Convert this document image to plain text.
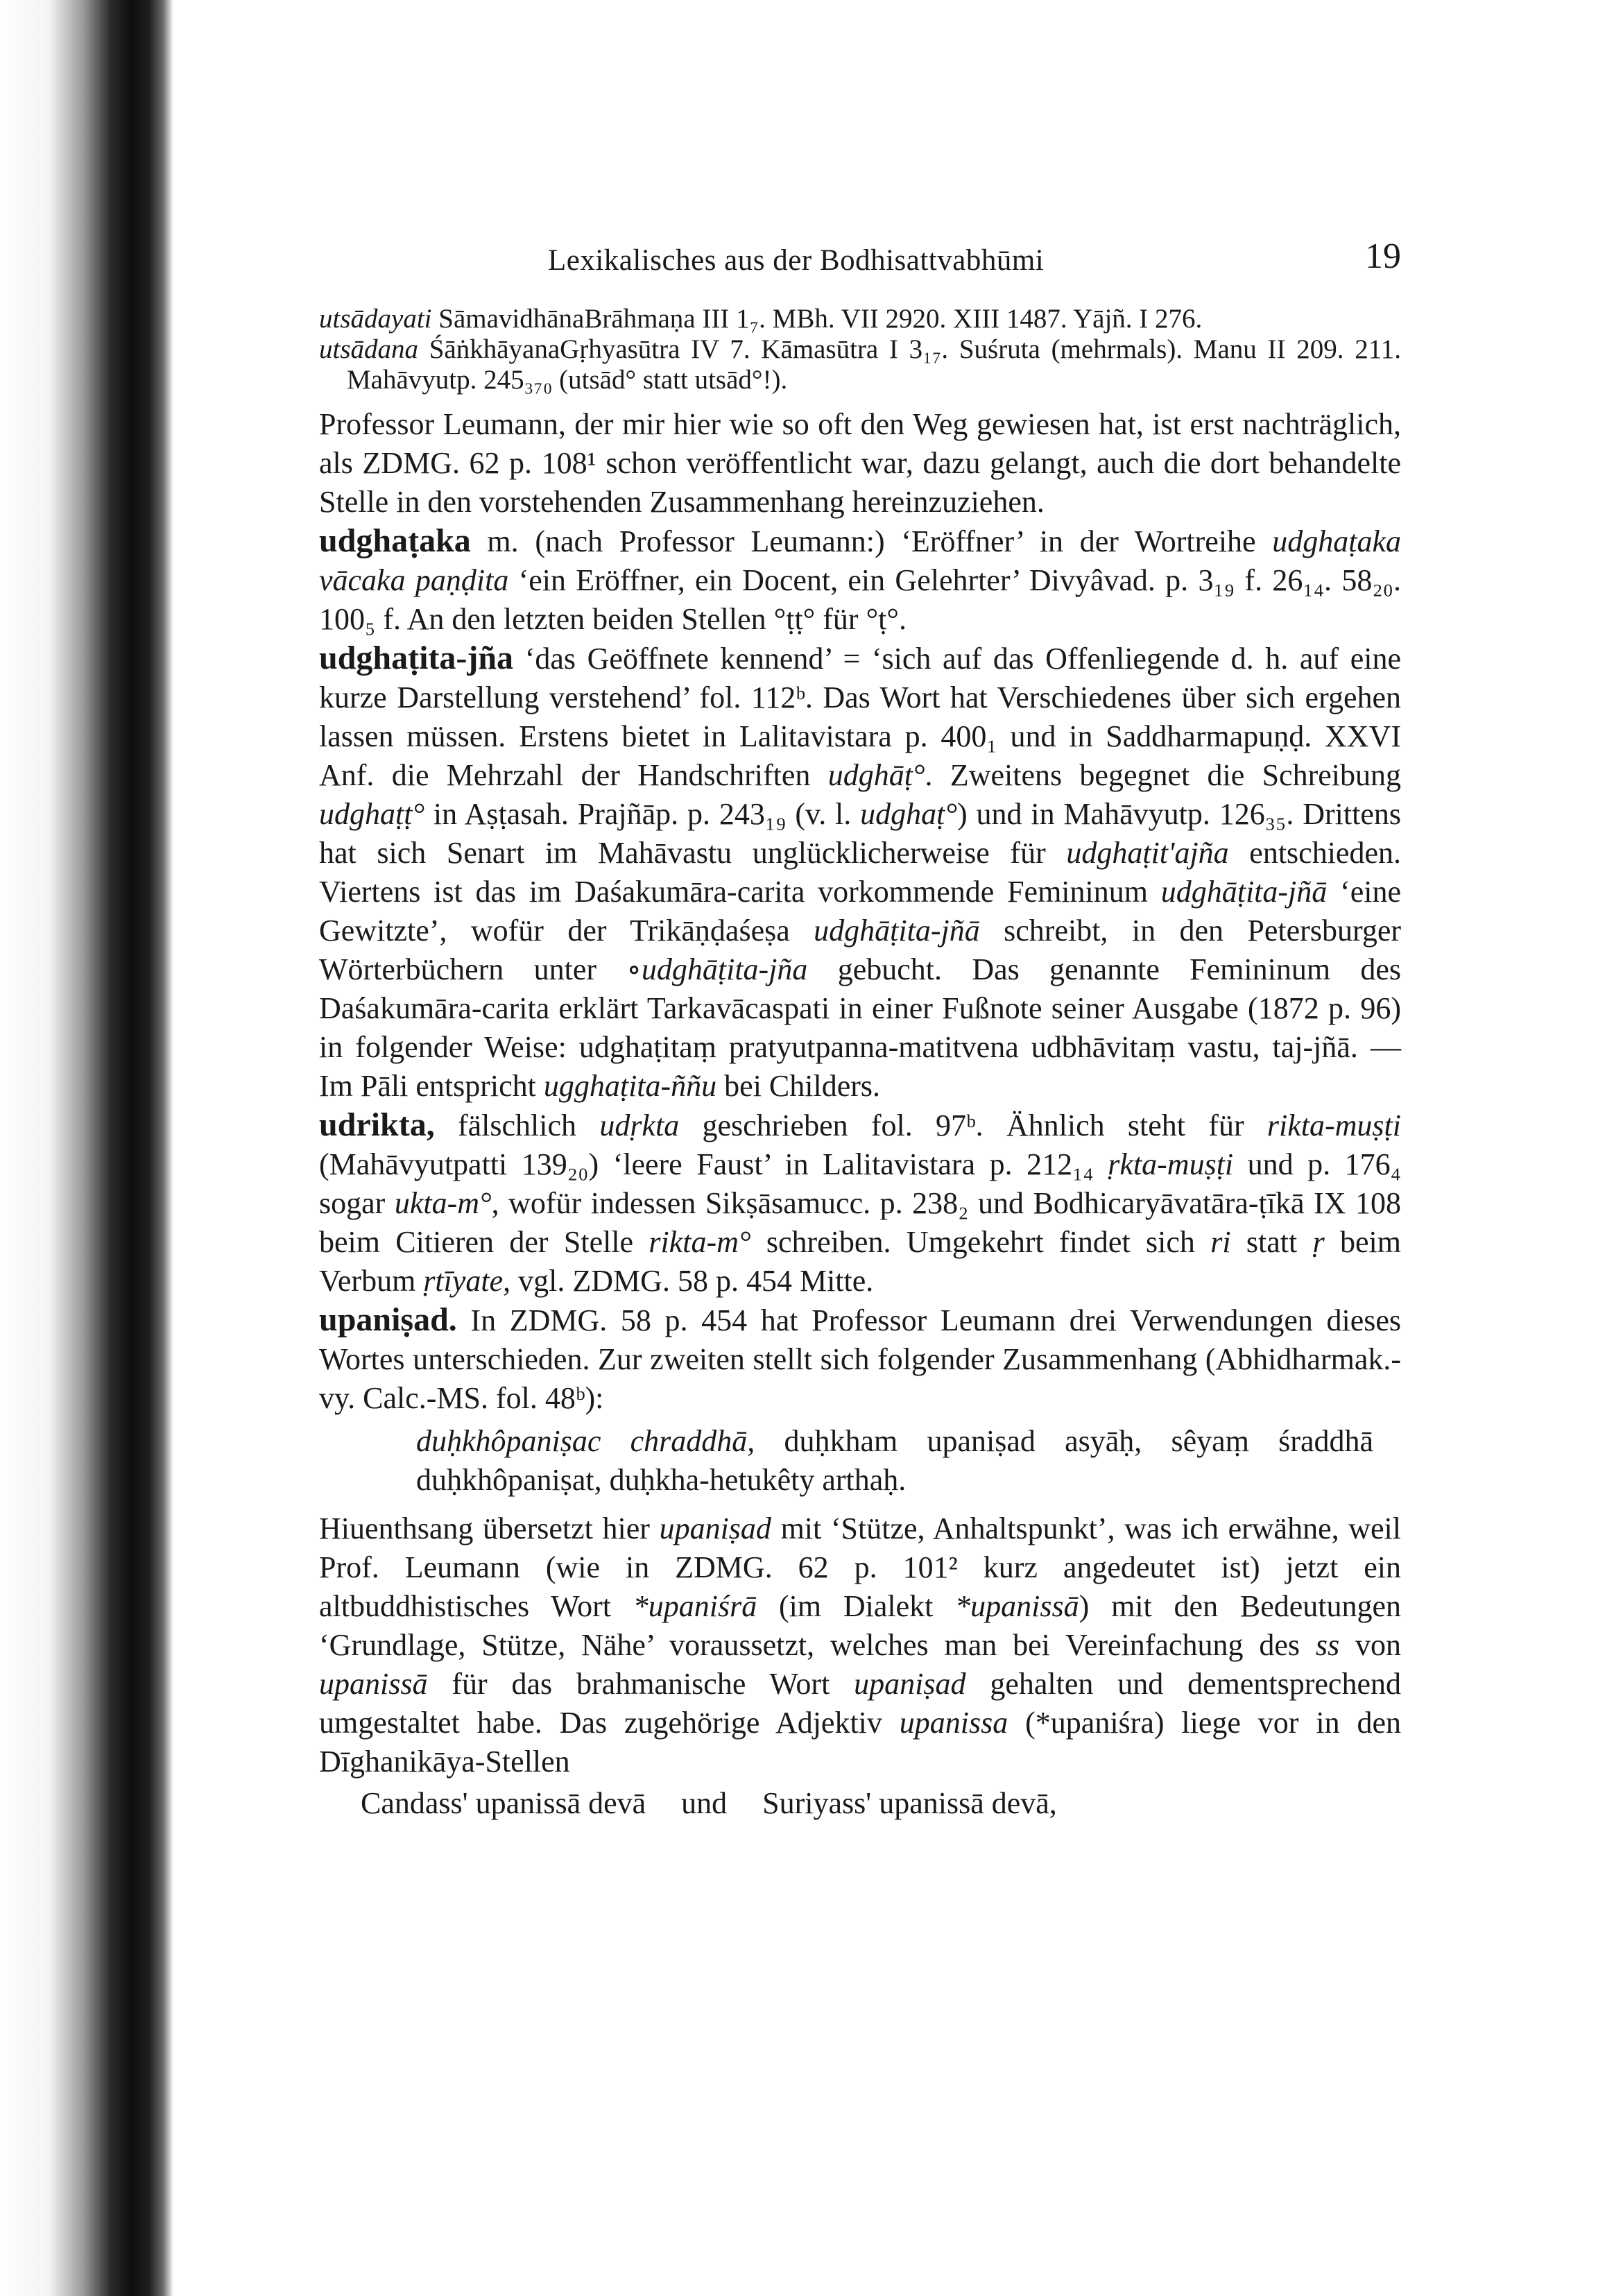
Lexikalisches aus der Bodhisattvabhūmi	19
utsādayati SāmavidhānaBrāhmaṇa III 1₇. MBh. VII 2920. XIII 1487. Yājñ. I 276.
utsādana ŚāṅkhāyanaGṛhyasūtra IV 7. Kāmasūtra I 3₁₇. Suśruta (mehrmals). Manu II 209. 211. Mahāvyutp. 245₃₇₀ (utsād° statt utsād°!).

Professor Leumann, der mir hier wie so oft den Weg gewiesen hat, ist erst nachträglich, als ZDMG. 62 p. 108¹ schon veröffentlicht war, dazu gelangt, auch die dort behandelte Stelle in den vorstehenden Zusammenhang hereinzuziehen.

udghaṭaka m. (nach Professor Leumann:) ‘Eröffner’ in der Wortreihe udghaṭaka vācaka paṇḍita ‘ein Eröffner, ein Docent, ein Gelehrter’ Divyâvad. p. 3₁₉ f. 26₁₄. 58₂₀. 100₅ f. An den letzten beiden Stellen °ṭṭ° für °ṭ°.

udghaṭita-jña ‘das Geöffnete kennend’ = ‘sich auf das Offenliegende d. h. auf eine kurze Darstellung verstehend’ fol. 112ᵇ. Das Wort hat Verschiedenes über sich ergehen lassen müssen. Erstens bietet in Lalitavistara p. 400₁ und in Saddharmapuṇḍ. XXVI Anf. die Mehrzahl der Handschriften udghāṭ°. Zweitens begegnet die Schreibung udghaṭṭ° in Aṣṭasah. Prajñāp. p. 243₁₉ (v. l. udghaṭ°) und in Mahāvyutp. 126₃₅. Drittens hat sich Senart im Mahāvastu unglücklicherweise für udghaṭit'ajña entschieden. Viertens ist das im Daśakumāra-carita vorkommende Femininum udghāṭita-jñā ‘eine Gewitzte’, wofür der Trikāṇḍaśeṣa udghāṭita-jñā schreibt, in den Petersburger Wörterbüchern unter ∘udghāṭita-jña gebucht. Das genannte Femininum des Daśakumāra-carita erklärt Tarkavācaspati in einer Fußnote seiner Ausgabe (1872 p. 96) in folgender Weise: udghaṭitaṃ pratyutpanna-matitvena udbhāvitaṃ vastu, taj-jñā. — Im Pāli entspricht ugghaṭita-ññu bei Childers.

udrikta, fälschlich udṛkta geschrieben fol. 97ᵇ. Ähnlich steht für rikta-muṣṭi (Mahāvyutpatti 139₂₀) ‘leere Faust’ in Lalitavistara p. 212₁₄ ṛkta-muṣṭi und p. 176₄ sogar ukta-m°, wofür indessen Sikṣāsamucc. p. 238₂ und Bodhicaryāvatāra-ṭīkā IX 108 beim Citieren der Stelle rikta-m° schreiben. Umgekehrt findet sich ri statt ṛ beim Verbum ṛtīyate, vgl. ZDMG. 58 p. 454 Mitte.

upaniṣad. In ZDMG. 58 p. 454 hat Professor Leumann drei Verwendungen dieses Wortes unterschieden. Zur zweiten stellt sich folgender Zusammenhang (Abhidharmak.-vy. Calc.-MS. fol. 48ᵇ):

duḥkhôpaniṣac chraddhā, duḥkham upaniṣad asyāḥ, sêyaṃ śraddhā duḥkhôpaniṣat, duḥkha-hetukêty arthaḥ.

Hiuenthsang übersetzt hier upaniṣad mit ‘Stütze, Anhaltspunkt’, was ich erwähne, weil Prof. Leumann (wie in ZDMG. 62 p. 101² kurz angedeutet ist) jetzt ein altbuddhistisches Wort *upaniśrā (im Dialekt *upanissā) mit den Bedeutungen ‘Grundlage, Stütze, Nähe’ voraussetzt, welches man bei Vereinfachung des ss von upanissā für das brahmanische Wort upaniṣad gehalten und dementsprechend umgestaltet habe. Das zugehörige Adjektiv upanissa (*upaniśra) liege vor in den Dīghanikāya-Stellen

Candass' upanissā devā und Suriyass' upanissā devā,
